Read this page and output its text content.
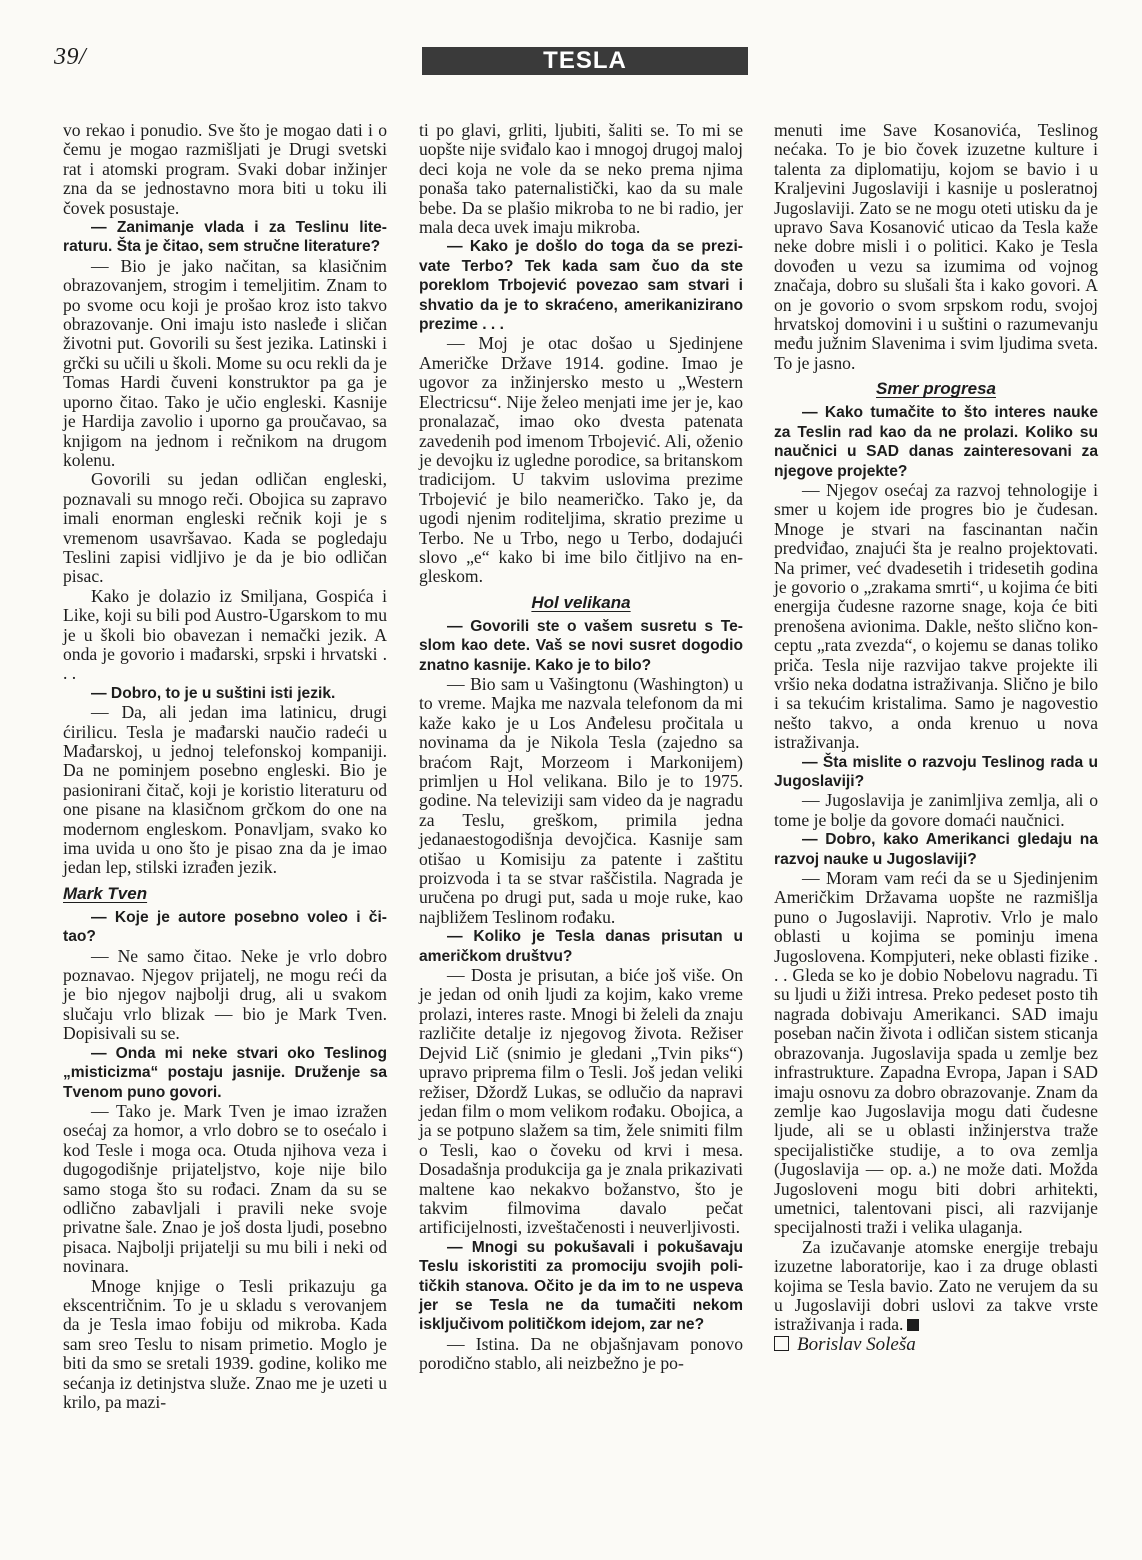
39/	TESLA

vo rekao i ponudio. Sve što je mogao dati i o čemu je mogao razmišljati je Drugi svetski rat i atomski program. Svaki dobar inžinjer zna da se jednostavno mora biti u toku ili čovek posustaje.

— Zanimanje vlada i za Teslinu literaturu. Šta je čitao, sem stručne literature?

— Bio je jako načitan, sa klasičnim obrazovanjem, strogim i temeljitim. Znam to po svome ocu koji je prošao kroz isto takvo obrazovanje. Oni imaju isto nasleđe i sličan životni put. Govorili su šest jezika. Latinski i grčki su učili u školi. Mome su ocu rekli da je Tomas Hardi čuveni konstruktor pa ga je uporno čitao. Tako je učio engleski. Kasnije je Hardija zavolio i uporno ga proučavao, sa knjigom na jednom i rečnikom na drugom kolenu.

Govorili su jedan odličan engleski, poznavali su mnogo reči. Obojica su zapravo imali enorman engleski rečnik koji je s vremenom usavršavao. Kada se pogledaju Teslini zapisi vidljivo je da je bio odličan pisac.

Kako je dolazio iz Smiljana, Gospića i Like, koji su bili pod Austro-Ugarskom to mu je u školi bio obavezan i nemački jezik. A onda je govorio i mađarski, srpski i hrvatski . . .

— Dobro, to je u suštini isti jezik.

— Da, ali jedan ima latinicu, drugi ćirilicu. Tesla je mađarski naučio radeći u Mađarskoj, u jednoj telefonskoj kompaniji. Da ne pominjem posebno engleski. Bio je pasionirani čitač, koji je koristio literaturu od one pisane na klasičnom grčkom do one na modernom engleskom. Ponavljam, svako ko ima uvida u ono što je pisao zna da je imao jedan lep, stilski izrađen jezik.

Mark Tven

— Koje je autore posebno voleo i čitao?

— Ne samo čitao. Neke je vrlo dobro poznavao. Njegov prijatelj, ne mogu reći da je bio njegov najbolji drug, ali u svakom slučaju vrlo blizak — bio je Mark Tven. Dopisivali su se.

— Onda mi neke stvari oko Teslinog „misticizma“ postaju jasnije. Druženje sa Tvenom puno govori.

— Tako je. Mark Tven je imao izražen osećaj za homor, a vrlo dobro se to osećalo i kod Tesle i moga oca. Otuda njihova veza i dugogodišnje prijateljstvo, koje nije bilo samo stoga što su rođaci. Znam da su se odlično zabavljali i pravili neke svoje privatne šale. Znao je još dosta ljudi, posebno pisaca. Najbolji prijatelji su mu bili i neki od novinara.

Mnoge knjige o Tesli prikazuju ga ekscentričnim. To je u skladu s verovanjem da je Tesla imao fobiju od mikroba. Kada sam sreo Teslu to nisam primetio. Moglo je biti da smo se sretali 1939. godine, koliko me sećanja iz detinjstva služe. Znao me je uzeti u krilo, pa mazi-

ti po glavi, grliti, ljubiti, šaliti se. To mi se uopšte nije sviđalo kao i mnogoj drugoj maloj deci koja ne vole da se neko prema njima ponaša tako paternalistički, kao da su male bebe. Da se plašio mikroba to ne bi radio, jer mala deca uvek imaju mikroba.

— Kako je došlo do toga da se prezivate Terbo? Tek kada sam čuo da ste poreklom Trbojević povezao sam stvari i shvatio da je to skraćeno, amerikanizirano prezime . . .

— Moj je otac došao u Sjedinjene Američke Države 1914. godine. Imao je ugovor za inžinjersko mesto u „Western Electricsu“. Nije želeo menjati ime jer je, kao pronalazač, imao oko dvesta patenata zavedenih pod imenom Trbojević. Ali, oženio je devojku iz ugledne porodice, sa britanskom tradicijom. U takvim uslovima prezime Trbojević je bilo neameričko. Tako je, da ugodi njenim roditeljima, skratio prezime u Terbo. Ne u Trbo, nego u Terbo, dodajući slovo „e“ kako bi ime bilo čitljivo na engleskom.

Hol velikana

— Govorili ste o vašem susretu s Teslom kao dete. Vaš se novi susret dogodio znatno kasnije. Kako je to bilo?

— Bio sam u Vašingtonu (Washington) u to vreme. Majka me nazvala telefonom da mi kaže kako je u Los Anđelesu pročitala u novinama da je Nikola Tesla (zajedno sa braćom Rajt, Morzeom i Markonijem) primljen u Hol velikana. Bilo je to 1975. godine. Na televiziji sam video da je nagradu za Teslu, greškom, primila jedna jedanaestogodišnja devojčica. Kasnije sam otišao u Komisiju za patente i zaštitu proizvoda i ta se stvar raščistila. Nagrada je uručena po drugi put, sada u moje ruke, kao najbližem Teslinom rođaku.

— Koliko je Tesla danas prisutan u američkom društvu?

— Dosta je prisutan, a biće još više. On je jedan od onih ljudi za kojim, kako vreme prolazi, interes raste. Mnogi bi želeli da znaju različite detalje iz njegovog života. Režiser Dejvid Lič (snimio je gledani „Tvin piks“) upravo priprema film o Tesli. Još jedan veliki režiser, Džordž Lukas, se odlučio da napravi jedan film o mom velikom rođaku. Obojica, a ja se potpuno slažem sa tim, žele snimiti film o Tesli, kao o čoveku od krvi i mesa. Dosadašnja produkcija ga je znala prikazivati maltene kao nekakvo božanstvo, što je takvim filmovima davalo pečat artificijelnosti, izveštačenosti i neuverljivosti.

— Mnogi su pokušavali i pokušavaju Teslu iskoristiti za promociju svojih političkih stanova. Očito je da im to ne uspeva jer se Tesla ne da tumačiti nekom isključivom političkom idejom, zar ne?

— Istina. Da ne objašnjavam ponovo porodično stablo, ali neizbežno je po-

menuti ime Save Kosanovića, Teslinog nećaka. To je bio čovek izuzetne kulture i talenta za diplomatiju, kojom se bavio i u Kraljevini Jugoslaviji i kasnije u posleratnoj Jugoslaviji. Zato se ne mogu oteti utisku da je upravo Sava Kosanović uticao da Tesla kaže neke dobre misli i o politici. Kako je Tesla dovođen u vezu sa izumima od vojnog značaja, dobro su slušali šta i kako govori. A on je govorio o svom srpskom rodu, svojoj hrvatskoj domovini i u suštini o razumevanju među južnim Slavenima i svim ljudima sveta. To je jasno.

Smer progresa

— Kako tumačite to što interes nauke za Teslin rad kao da ne prolazi. Koliko su naučnici u SAD danas zainteresovani za njegove projekte?

— Njegov osećaj za razvoj tehnologije i smer u kojem ide progres bio je čudesan. Mnoge je stvari na fascinantan način predviđao, znajući šta je realno projektovati. Na primer, već dvadesetih i tridesetih godina je govorio o „zrakama smrti“, u kojima će biti energija čudesne razorne snage, koja će biti prenošena avionima. Dakle, nešto slično konceptu „rata zvezda“, o kojemu se danas toliko priča. Tesla nije razvijao takve projekte ili vršio neka dodatna istraživanja. Slično je bilo i sa tekućim kristalima. Samo je nagovestio nešto takvo, a onda krenuo u nova istraživanja.

— Šta mislite o razvoju Teslinog rada u Jugoslaviji?

— Jugoslavija je zanimljiva zemlja, ali o tome je bolje da govore domaći naučnici.

— Dobro, kako Amerikanci gledaju na razvoj nauke u Jugoslaviji?

— Moram vam reći da se u Sjedinjenim Američkim Državama uopšte ne razmišlja puno o Jugoslaviji. Naprotiv. Vrlo je malo oblasti u kojima se pominju imena Jugoslovena. Kompjuteri, neke oblasti fizike . . . Gleda se ko je dobio Nobelovu nagradu. Ti su ljudi u žiži intresa. Preko pedeset posto tih nagrada dobivaju Amerikanci. SAD imaju poseban način života i odličan sistem sticanja obrazovanja. Jugoslavija spada u zemlje bez infrastrukture. Zapadna Evropa, Japan i SAD imaju osnovu za dobro obrazovanje. Znam da zemlje kao Jugoslavija mogu dati čudesne ljude, ali se u oblasti inžinjerstva traže specijalističke studije, a to ova zemlja (Jugoslavija — op. a.) ne može dati. Možda Jugosloveni mogu biti dobri arhitekti, umetnici, talentovani pisci, ali razvijanje specijalnosti traži i velika ulaganja.

Za izučavanje atomske energije trebaju izuzetne laboratorije, kao i za druge oblasti kojima se Tesla bavio. Zato ne verujem da su u Jugoslaviji dobri uslovi za takve vrste istraživanja i rada.

Borislav Soleša
